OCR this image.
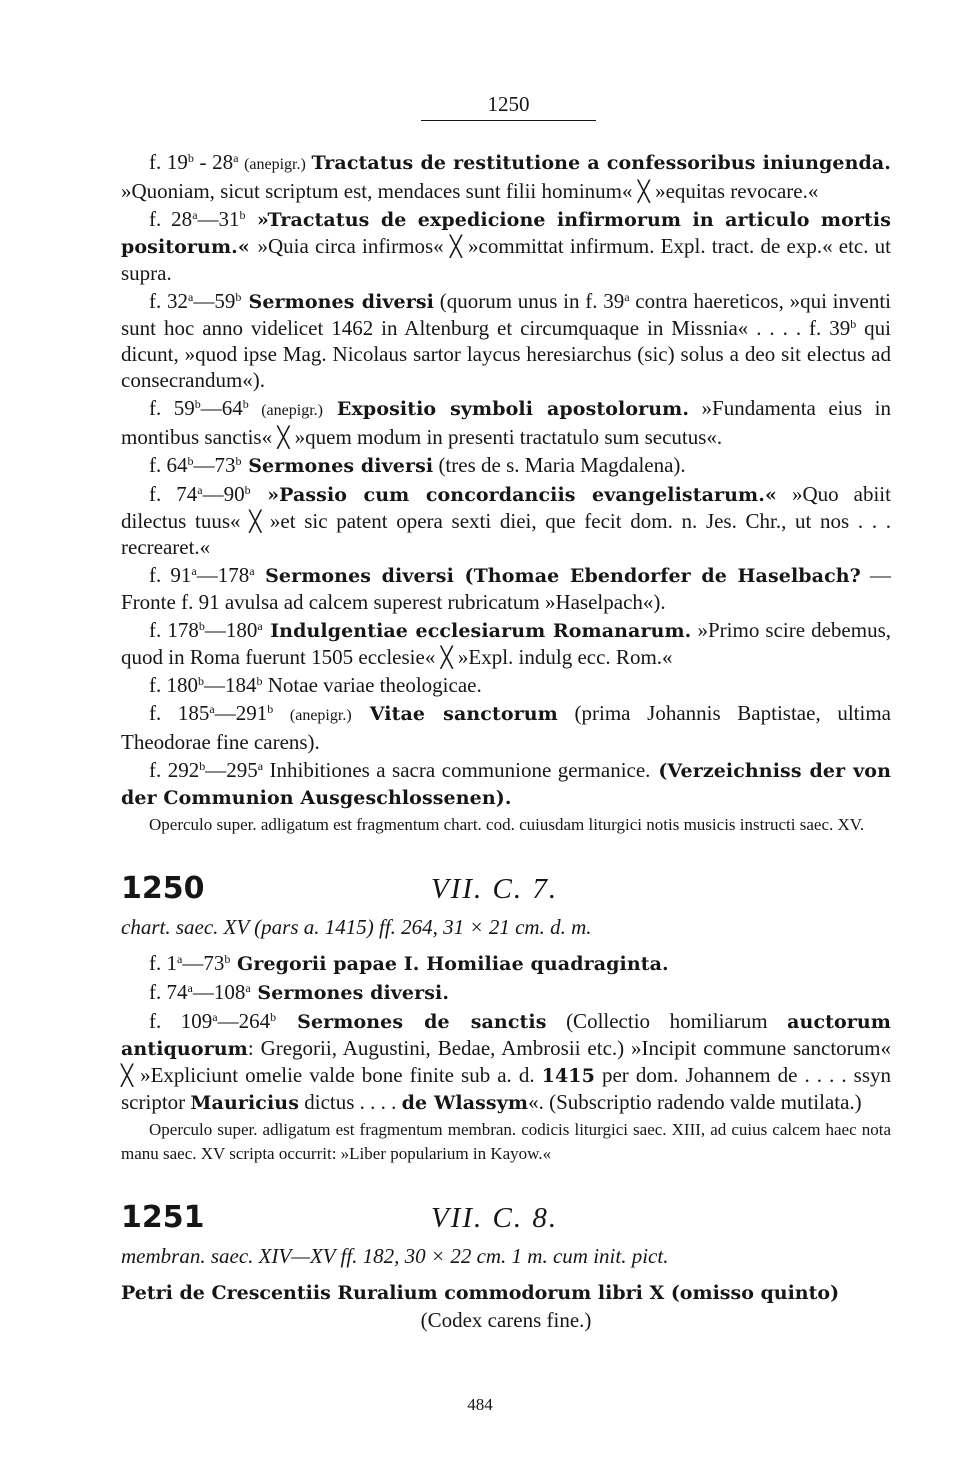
1250

f. 19$^b$ - 28$^a$ (anepigr.) Tractatus de restitutione a confessoribus iniungenda. »Quoniam, sicut scriptum est, mendaces sunt filii hominum« ╳ »equitas revocare.«

f. 28$^a$—31$^b$ »Tractatus de expedicione infirmorum in articulo mortis positorum.« »Quia circa infirmos« ╳ »committat infirmum. Expl. tract. de exp.« etc. ut supra.

f. 32$^a$—59$^b$ Sermones diversi (quorum unus in f. 39$^a$ contra haereticos, »qui inventi sunt hoc anno videlicet 1462 in Altenburg et circumquaque in Missnia« . . . . f. 39$^b$ qui dicunt, »quod ipse Mag. Nicolaus sartor laycus heresiarchus (sic) solus a deo sit electus ad consecrandum«).

f. 59$^b$—64$^b$ (anepigr.) Expositio symboli apostolorum. »Fundamenta eius in montibus sanctis« ╳ »quem modum in presenti tractatulo sum secutus«.

f. 64$^b$—73$^b$ Sermones diversi (tres de s. Maria Magdalena).

f. 74$^a$—90$^b$ »Passio cum concordanciis evangelistarum.« »Quo abiit dilectus tuus« ╳ »et sic patent opera sexti diei, que fecit dom. n. Jes. Chr., ut nos . . . recrearet.«

f. 91$^a$—178$^a$ Sermones diversi (Thomae Ebendorfer de Haselbach? — Fronte f. 91 avulsa ad calcem superest rubricatum »Haselpach«).

f. 178$^b$—180$^a$ Indulgentiae ecclesiarum Romanarum. »Primo scire debemus, quod in Roma fuerunt 1505 ecclesie« ╳ »Expl. indulg ecc. Rom.«

f. 180$^b$—184$^b$ Notae variae theologicae.

f. 185$^a$—291$^b$ (anepigr.) Vitae sanctorum (prima Johannis Baptistae, ultima Theodorae fine carens).

f. 292$^b$—295$^a$ Inhibitiones a sacra communione germanice. (Verzeichniss der von der Communion Ausgeschlossenen).

Operculo super. adligatum est fragmentum chart. cod. cuiusdam liturgici notis musicis instructi saec. XV.

1250	VII. C. 7.
chart. saec. XV (pars a. 1415) ff. 264, 31 × 21 cm. d. m.

f. 1$^a$—73$^b$ Gregorii papae I. Homiliae quadraginta.

f. 74$^a$—108$^a$ Sermones diversi.

f. 109$^a$—264$^b$ Sermones de sanctis (Collectio homiliarum auctorum antiquorum: Gregorii, Augustini, Bedae, Ambrosii etc.) »Incipit commune sanctorum« ╳ »Expliciunt omelie valde bone finite sub a. d. 1415 per dom. Johannem de . . . . ssyn scriptor Mauricius dictus . . . . de Wlassym«. (Subscriptio radendo valde mutilata.)

Operculo super. adligatum est fragmentum membran. codicis liturgici saec. XIII, ad cuius calcem haec nota manu saec. XV scripta occurrit: »Liber popularium in Kayow.«

1251	VII. C. 8.
membran. saec. XIV—XV ff. 182, 30 × 22 cm. 1 m. cum init. pict.
Petri de Crescentiis Ruralium commodorum libri X (omisso quinto)
(Codex carens fine.)
484
